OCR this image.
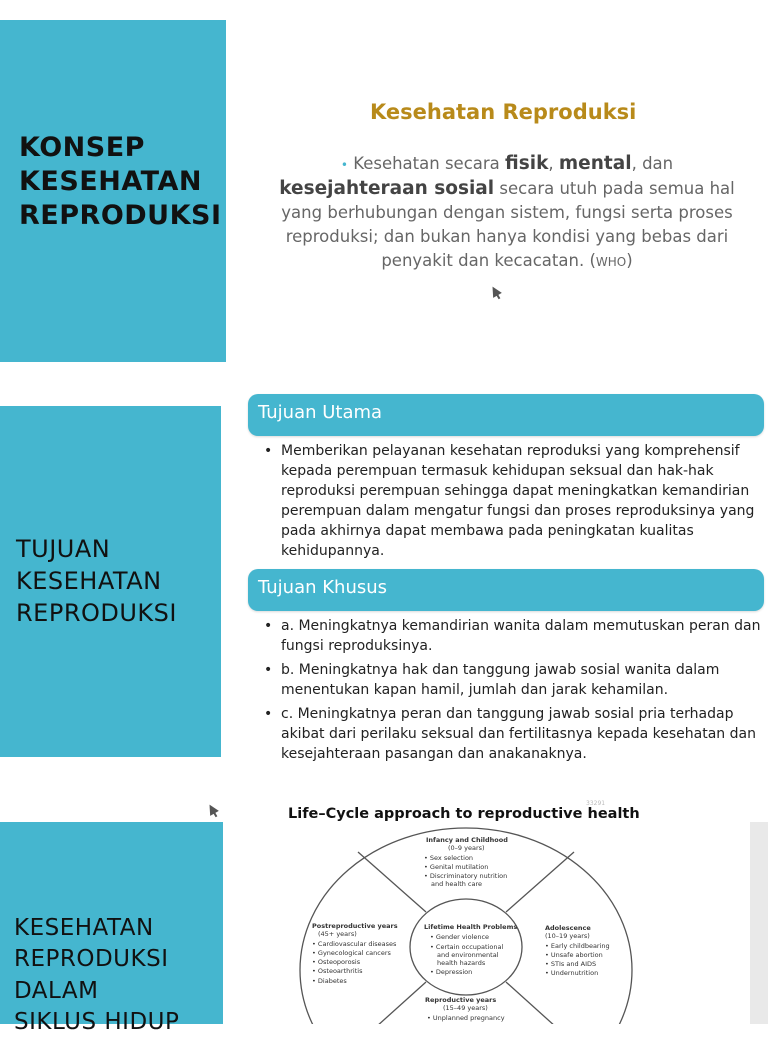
KONSEP
KESEHATAN
REPRODUKSI
Kesehatan Reproduksi
• Kesehatan secara fisik, mental, dan
kesejahteraan sosial secara utuh pada semua hal
yang berhubungan dengan sistem, fungsi serta proses
reproduksi; dan bukan hanya kondisi yang bebas dari
penyakit dan kecacatan. (WHO)
TUJUAN
KESEHATAN
REPRODUKSI
Tujuan Utama
• Memberikan pelayanan kesehatan reproduksi yang komprehensif kepada perempuan termasuk kehidupan seksual dan hak-hak reproduksi perempuan sehingga dapat meningkatkan kemandirian perempuan dalam mengatur fungsi dan proses reproduksinya yang pada akhirnya dapat membawa pada peningkatan kualitas kehidupannya.
Tujuan Khusus
• a. Meningkatnya kemandirian wanita dalam memutuskan peran dan fungsi reproduksinya.
• b. Meningkatnya hak dan tanggung jawab sosial wanita dalam menentukan kapan hamil, jumlah dan jarak kehamilan.
• c. Meningkatnya peran dan tanggung jawab sosial pria terhadap akibat dari perilaku seksual dan fertilitasnya kepada kesehatan dan kesejahteraan pasangan dan anakanaknya.
KESEHATAN
REPRODUKSI
DALAM
SIKLUS HIDUP
Life–Cycle approach to reproductive health
33291
Infancy and Childhood
(0–9 years)
• Sex selection
• Genital mutilation
• Discriminatory nutrition
and health care
Postreproductive years
(45+ years)
• Cardiovascular diseases
• Gynecological cancers
• Osteoporosis
• Osteoarthritis
• Diabetes
Lifetime Health Problems
• Gender violence
• Certain occupational
and environmental
health hazards
• Depression
Adolescence
(10–19 years)
• Early childbearing
• Unsafe abortion
• STIs and AIDS
• Undernutrition
Reproductive years
(15–49 years)
• Unplanned pregnancy
